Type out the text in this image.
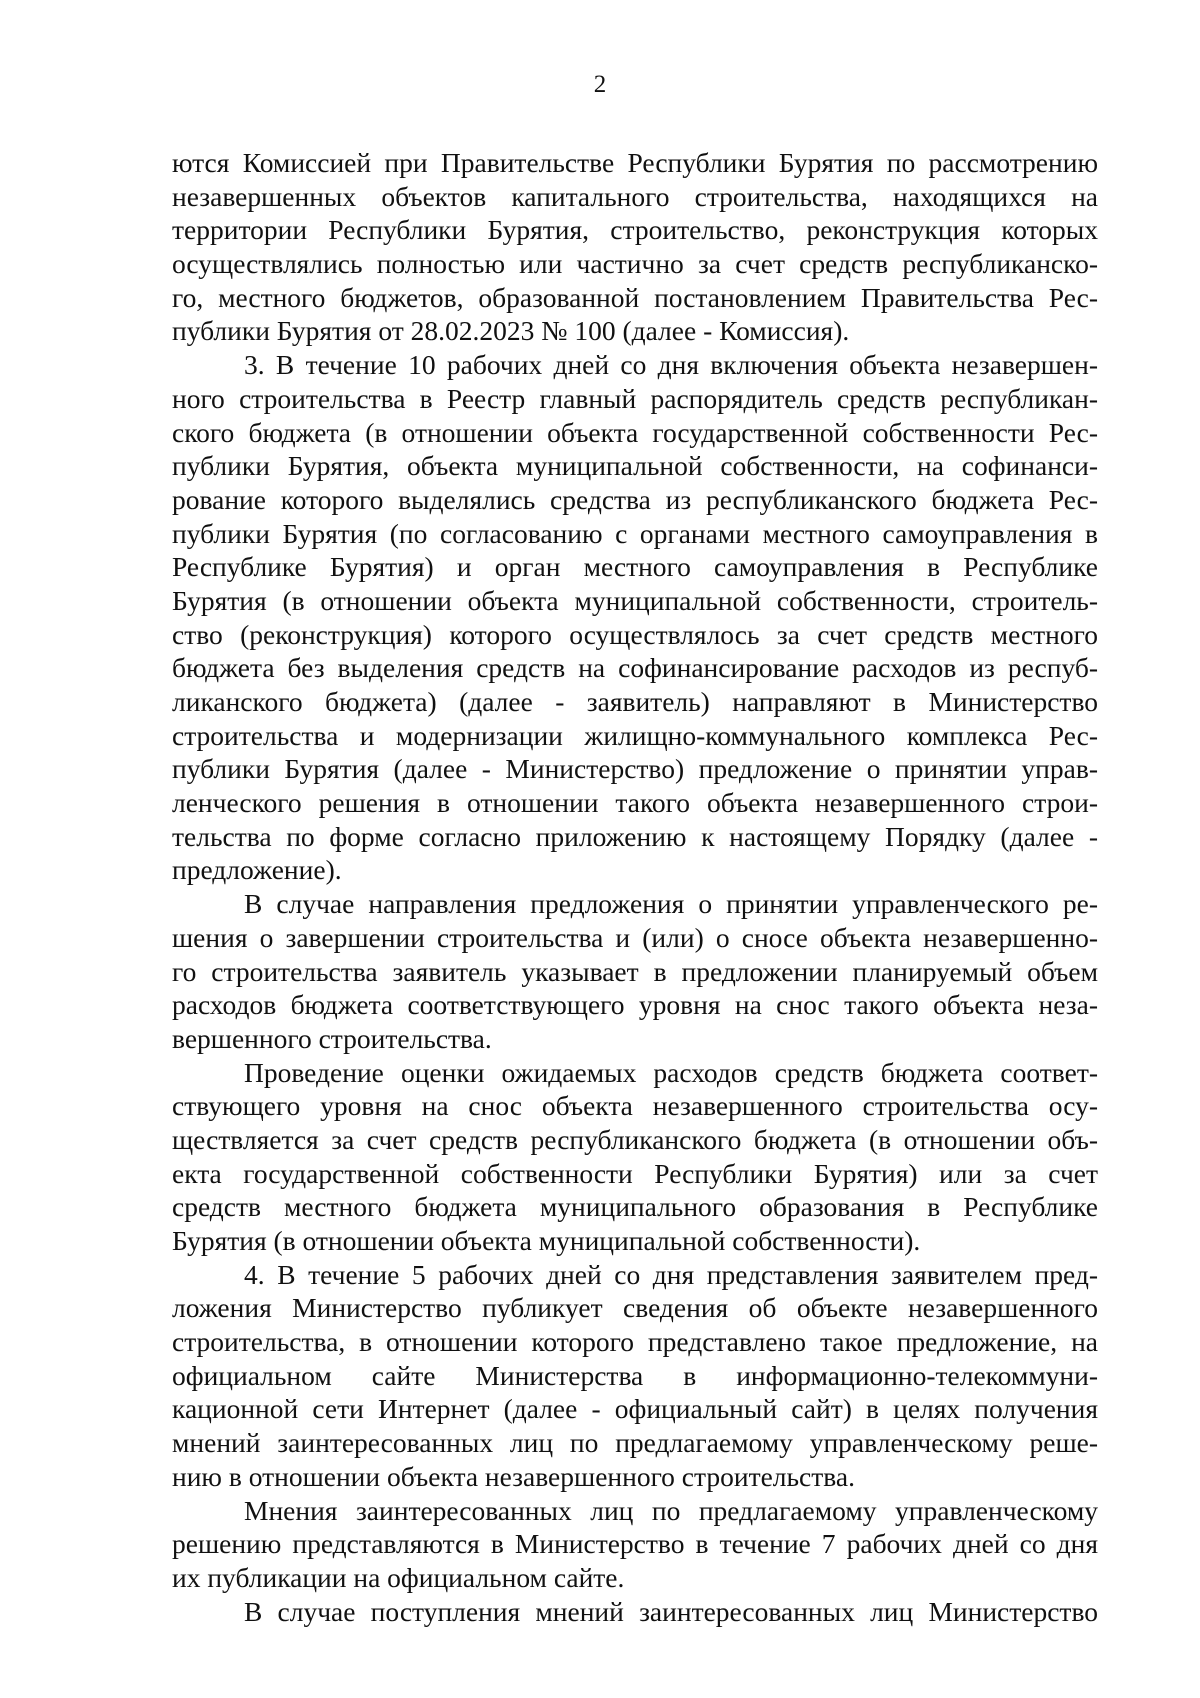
2
ются Комиссией при Правительстве Республики Бурятия по рассмотрению
незавершенных объектов капитального строительства, находящихся на
территории Республики Бурятия, строительство, реконструкция которых
осуществлялись полностью или частично за счет средств республиканско-
го, местного бюджетов, образованной постановлением Правительства Рес-
публики Бурятия от 28.02.2023 № 100 (далее - Комиссия).
3. В течение 10 рабочих дней со дня включения объекта незавершен-
ного строительства в Реестр главный распорядитель средств республикан-
ского бюджета (в отношении объекта государственной собственности Рес-
публики Бурятия, объекта муниципальной собственности, на софинанси-
рование которого выделялись средства из республиканского бюджета Рес-
публики Бурятия (по согласованию с органами местного самоуправления в
Республике Бурятия) и орган местного самоуправления в Республике
Бурятия (в отношении объекта муниципальной собственности, строитель-
ство (реконструкция) которого осуществлялось за счет средств местного
бюджета без выделения средств на софинансирование расходов из респуб-
ликанского бюджета) (далее - заявитель) направляют в Министерство
строительства и модернизации жилищно-коммунального комплекса Рес-
публики Бурятия (далее - Министерство) предложение о принятии управ-
ленческого решения в отношении такого объекта незавершенного строи-
тельства по форме согласно приложению к настоящему Порядку (далее -
предложение).
В случае направления предложения о принятии управленческого ре-
шения о завершении строительства и (или) о сносе объекта незавершенно-
го строительства заявитель указывает в предложении планируемый объем
расходов бюджета соответствующего уровня на снос такого объекта неза-
вершенного строительства.
Проведение оценки ожидаемых расходов средств бюджета соответ-
ствующего уровня на снос объекта незавершенного строительства осу-
ществляется за счет средств республиканского бюджета (в отношении объ-
екта государственной собственности Республики Бурятия) или за счет
средств местного бюджета муниципального образования в Республике
Бурятия (в отношении объекта муниципальной собственности).
4. В течение 5 рабочих дней со дня представления заявителем пред-
ложения Министерство публикует сведения об объекте незавершенного
строительства, в отношении которого представлено такое предложение, на
официальном сайте Министерства в информационно-телекоммуни-
кационной сети Интернет (далее - официальный сайт) в целях получения
мнений заинтересованных лиц по предлагаемому управленческому реше-
нию в отношении объекта незавершенного строительства.
Мнения заинтересованных лиц по предлагаемому управленческому
решению представляются в Министерство в течение 7 рабочих дней со дня
их публикации на официальном сайте.
В случае поступления мнений заинтересованных лиц Министерство
